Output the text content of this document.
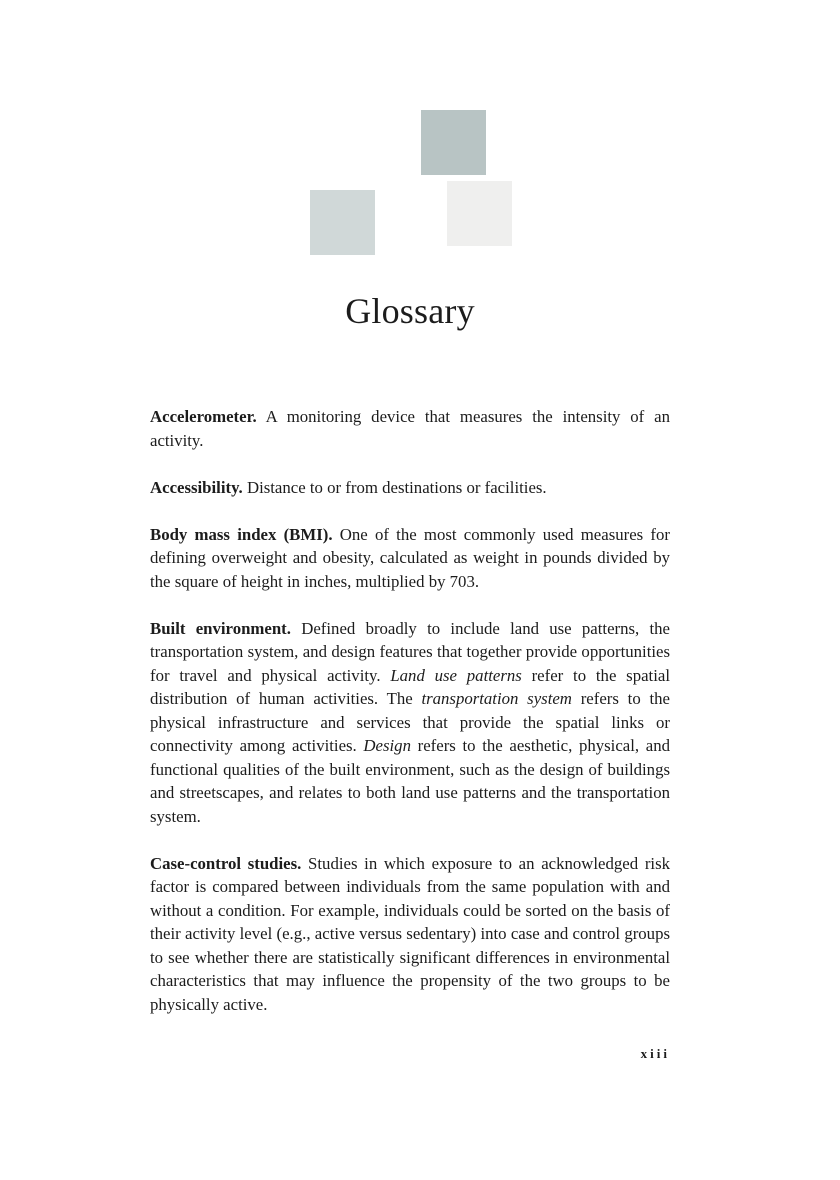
Glossary

Accelerometer. A monitoring device that measures the intensity of an activity.

Accessibility. Distance to or from destinations or facilities.

Body mass index (BMI). One of the most commonly used measures for defining overweight and obesity, calculated as weight in pounds divided by the square of height in inches, multiplied by 703.

Built environment. Defined broadly to include land use patterns, the transportation system, and design features that together provide opportunities for travel and physical activity. Land use patterns refer to the spatial distribution of human activities. The transportation system refers to the physical infrastructure and services that provide the spatial links or connectivity among activities. Design refers to the aesthetic, physical, and functional qualities of the built environment, such as the design of buildings and streetscapes, and relates to both land use patterns and the transportation system.

Case-control studies. Studies in which exposure to an acknowledged risk factor is compared between individuals from the same population with and without a condition. For example, individuals could be sorted on the basis of their activity level (e.g., active versus sedentary) into case and control groups to see whether there are statistically significant differences in environmental characteristics that may influence the propensity of the two groups to be physically active.

xiii
